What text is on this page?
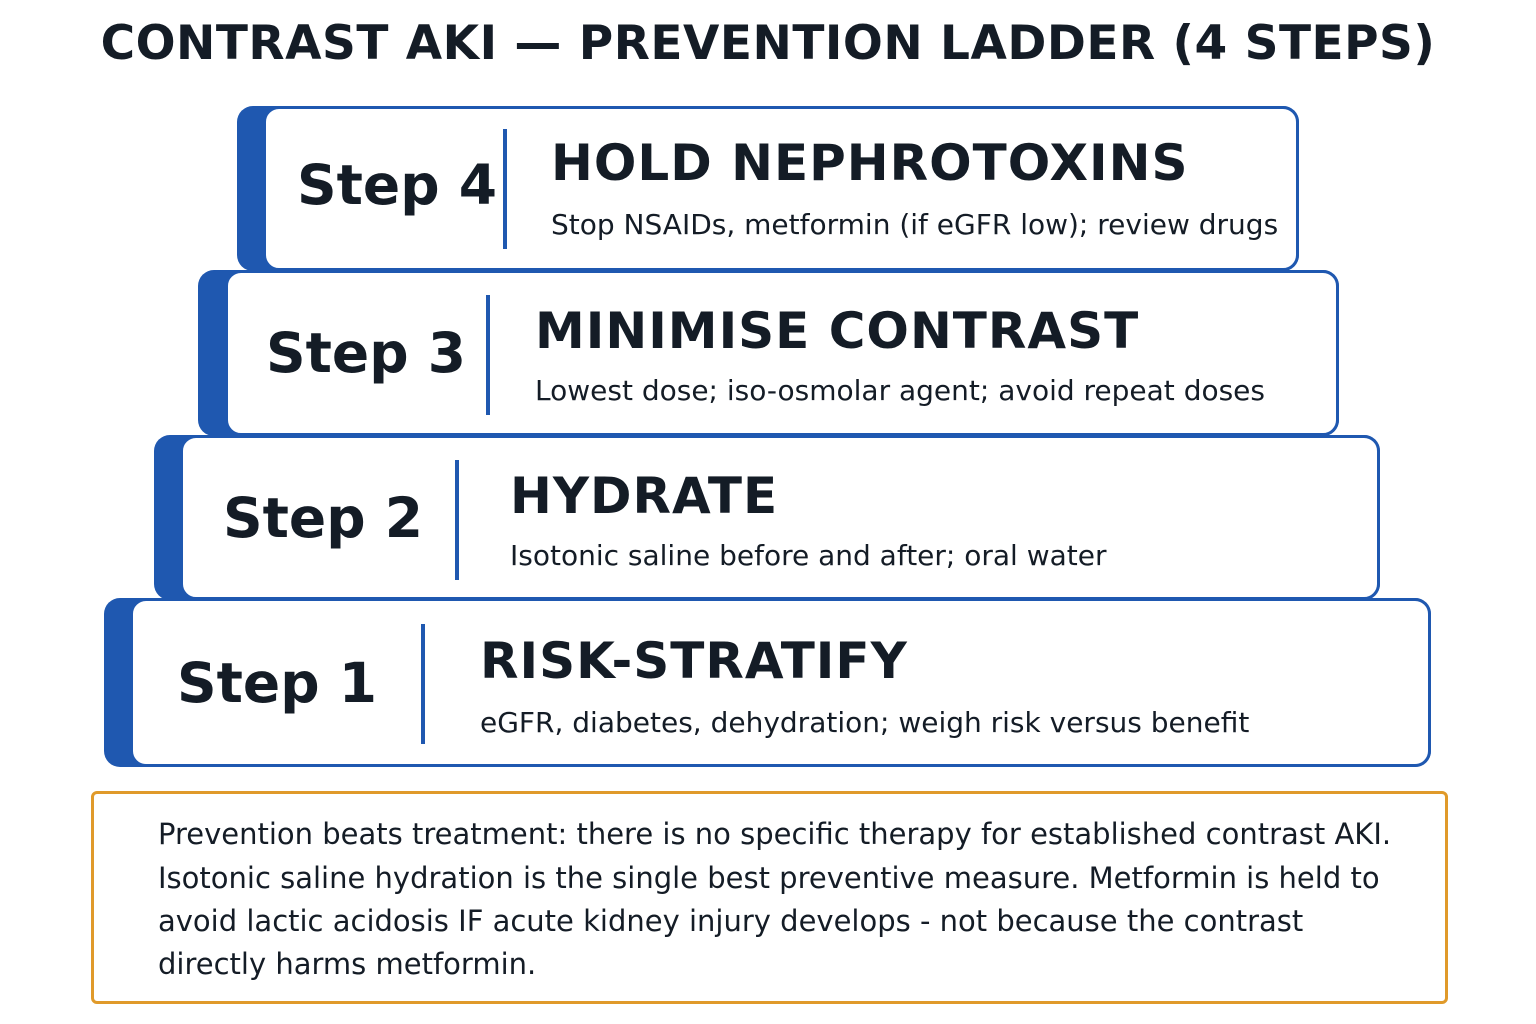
CONTRAST AKI — PREVENTION LADDER (4 STEPS)
Step 4 HOLD NEPHROTOXINS
Stop NSAIDs, metformin (if eGFR low); review drugs
Step 3 MINIMISE CONTRAST
Lowest dose; iso-osmolar agent; avoid repeat doses
Step 2 HYDRATE
Isotonic saline before and after; oral water
Step 1 RISK-STRATIFY
eGFR, diabetes, dehydration; weigh risk versus benefit
Prevention beats treatment: there is no specific therapy for established contrast AKI.
Isotonic saline hydration is the single best preventive measure. Metformin is held to
avoid lactic acidosis IF acute kidney injury develops - not because the contrast
directly harms metformin.
